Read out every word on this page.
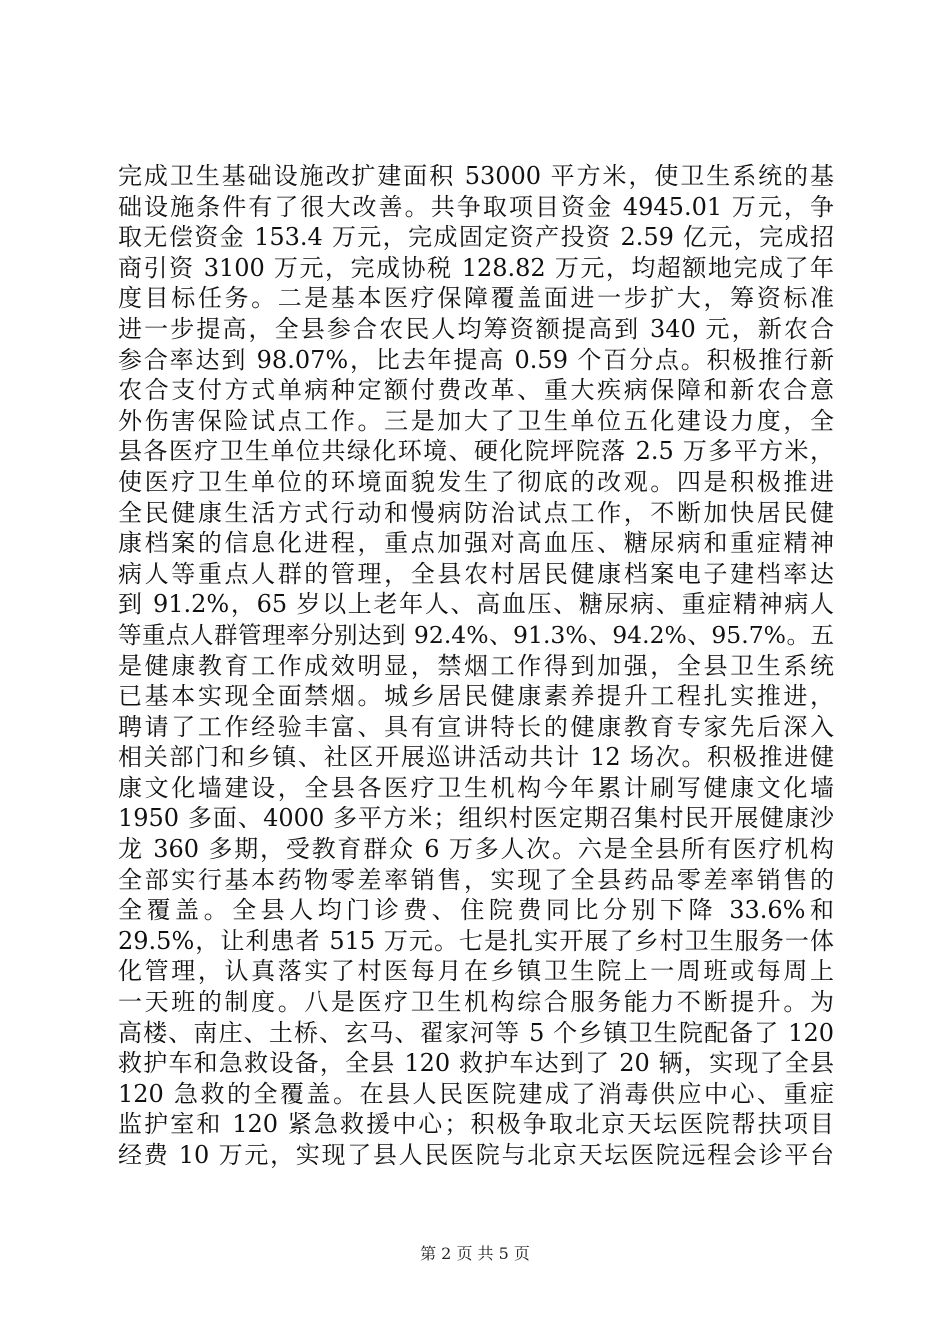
完成卫生基础设施改扩建面积 53000 平方米，使卫生系统的基
础设施条件有了很大改善。共争取项目资金 4945.01 万元，争
取无偿资金 153.4 万元，完成固定资产投资 2.59 亿元，完成招
商引资 3100 万元，完成协税 128.82 万元，均超额地完成了年
度目标任务。二是基本医疗保障覆盖面进一步扩大，筹资标准
进一步提高，全县参合农民人均筹资额提高到 340 元，新农合
参合率达到 98.07%，比去年提高 0.59 个百分点。积极推行新
农合支付方式单病种定额付费改革、重大疾病保障和新农合意
外伤害保险试点工作。三是加大了卫生单位五化建设力度，全
县各医疗卫生单位共绿化环境、硬化院坪院落 2.5 万多平方米，
使医疗卫生单位的环境面貌发生了彻底的改观。四是积极推进
全民健康生活方式行动和慢病防治试点工作，不断加快居民健
康档案的信息化进程，重点加强对高血压、糖尿病和重症精神
病人等重点人群的管理，全县农村居民健康档案电子建档率达
到 91.2%，65 岁以上老年人、高血压、糖尿病、重症精神病人
等重点人群管理率分别达到 92.4%、91.3%、94.2%、95.7%。五
是健康教育工作成效明显，禁烟工作得到加强，全县卫生系统
已基本实现全面禁烟。城乡居民健康素养提升工程扎实推进，
聘请了工作经验丰富、具有宣讲特长的健康教育专家先后深入
相关部门和乡镇、社区开展巡讲活动共计 12 场次。积极推进健
康文化墙建设，全县各医疗卫生机构今年累计刷写健康文化墙
1950 多面、4000 多平方米；组织村医定期召集村民开展健康沙
龙 360 多期，受教育群众 6 万多人次。六是全县所有医疗机构
全部实行基本药物零差率销售，实现了全县药品零差率销售的
全覆盖。全县人均门诊费、住院费同比分别下降 33.6%和
29.5%，让利患者 515 万元。七是扎实开展了乡村卫生服务一体
化管理，认真落实了村医每月在乡镇卫生院上一周班或每周上
一天班的制度。八是医疗卫生机构综合服务能力不断提升。为
高楼、南庄、土桥、玄马、翟家河等 5 个乡镇卫生院配备了 120
救护车和急救设备，全县 120 救护车达到了 20 辆，实现了全县
120 急救的全覆盖。在县人民医院建成了消毒供应中心、重症
监护室和 120 紧急救援中心；积极争取北京天坛医院帮扶项目
经费 10 万元，实现了县人民医院与北京天坛医院远程会诊平台
第 2 页 共 5 页
